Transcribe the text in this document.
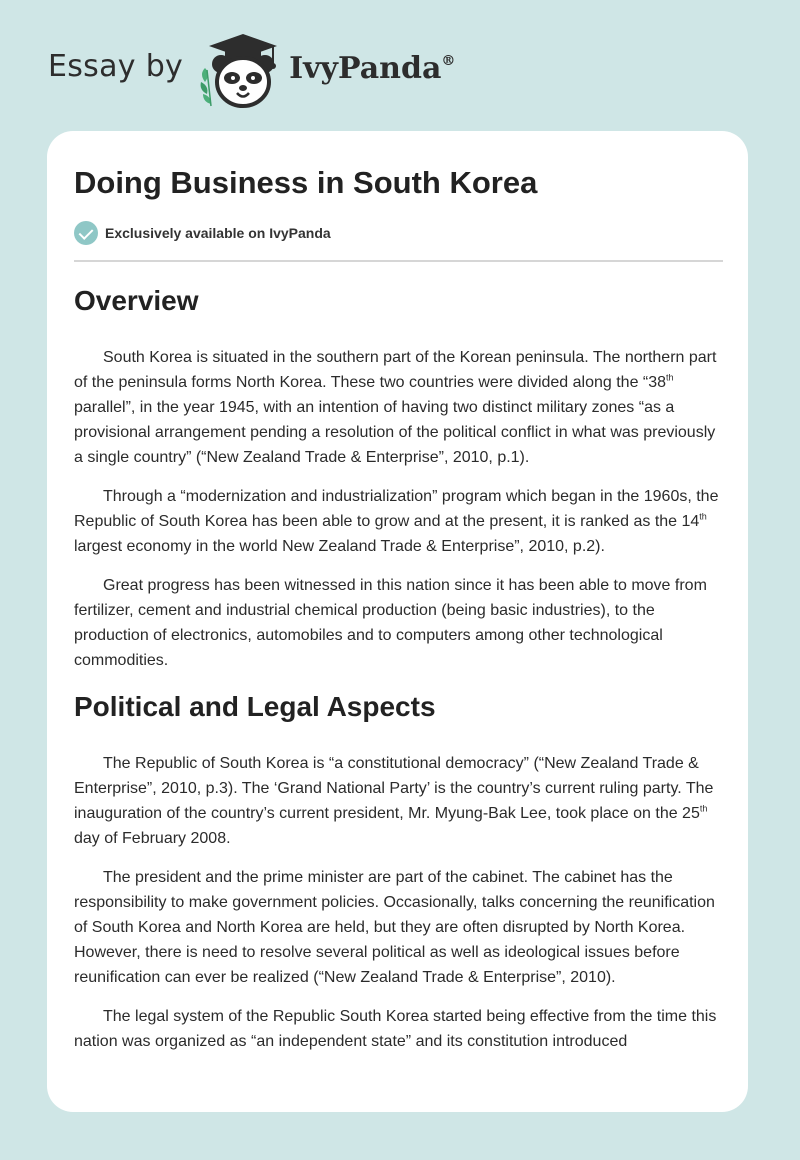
Essay by	IvyPanda®
Doing Business in South Korea
Exclusively available on IvyPanda
Overview

South Korea is situated in the southern part of the Korean peninsula. The northern part of the peninsula forms North Korea. These two countries were divided along the “38th parallel”, in the year 1945, with an intention of having two distinct military zones “as a provisional arrangement pending a resolution of the political conflict in what was previously a single country” (“New Zealand Trade & Enterprise”, 2010, p.1).

Through a “modernization and industrialization” program which began in the 1960s, the Republic of South Korea has been able to grow and at the present, it is ranked as the 14th largest economy in the world New Zealand Trade & Enterprise”, 2010, p.2).

Great progress has been witnessed in this nation since it has been able to move from fertilizer, cement and industrial chemical production (being basic industries), to the production of electronics, automobiles and to computers among other technological commodities.

Political and Legal Aspects

The Republic of South Korea is “a constitutional democracy” (“New Zealand Trade & Enterprise”, 2010, p.3). The ‘Grand National Party’ is the country’s current ruling party. The inauguration of the country’s current president, Mr. Myung-Bak Lee, took place on the 25th day of February 2008.

The president and the prime minister are part of the cabinet. The cabinet has the responsibility to make government policies. Occasionally, talks concerning the reunification of South Korea and North Korea are held, but they are often disrupted by North Korea. However, there is need to resolve several political as well as ideological issues before reunification can ever be realized (“New Zealand Trade & Enterprise”, 2010).

The legal system of the Republic South Korea started being effective from the time this nation was organized as “an independent state” and its constitution introduced
